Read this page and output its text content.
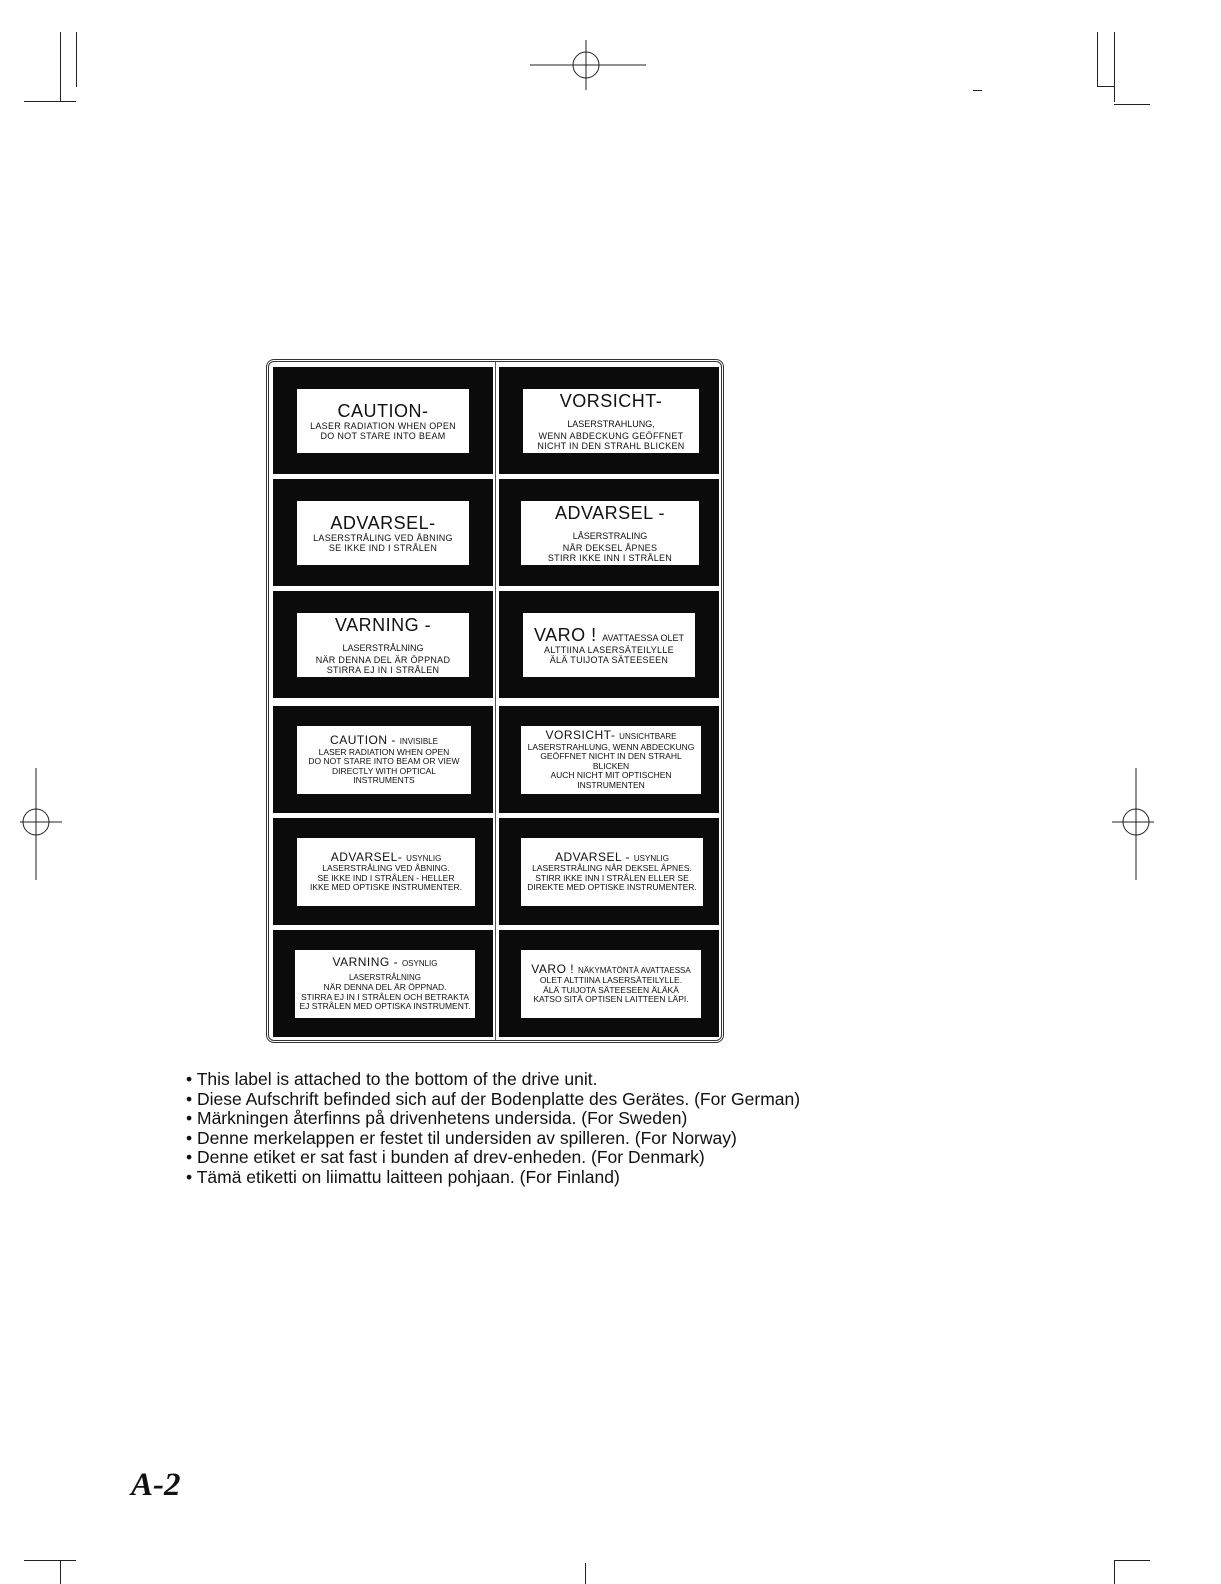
CAUTION-
LASER RADIATION WHEN OPEN
DO NOT STARE INTO BEAM
VORSICHT- LASERSTRAHLUNG,
WENN ABDECKUNG GEÖFFNET
NICHT IN DEN STRAHL BLICKEN
ADVARSEL-
LASERSTRÅLING VED ÅBNING
SE IKKE IND I STRÅLEN
ADVARSEL - LÅSERSTRALING
NÅR DEKSEL ÅPNES
STIRR IKKE INN I STRÅLEN
VARNING - LASERSTRÅLNING
NÄR DENNA DEL ÄR ÖPPNAD
STIRRA EJ IN I STRÅLEN
VARO ! AVATTAESSA OLET
ALTTIINA LASERSÄTEILYLLE
ÄLÄ TUIJOTA SÄTEESEEN
CAUTION - INVISIBLE
LASER RADIATION WHEN OPEN
DO NOT STARE INTO BEAM OR VIEW
DIRECTLY WITH OPTICAL INSTRUMENTS
VORSICHT- UNSICHTBARE
LASERSTRAHLUNG, WENN ABDECKUNG
GEÖFFNET NICHT IN DEN STRAHL BLICKEN
AUCH NICHT MIT OPTISCHEN INSTRUMENTEN
ADVARSEL- USYNLIG
LASERSTRÅLING VED ÅBNING.
SE IKKE IND I STRÅLEN - HELLER
IKKE MED OPTISKE INSTRUMENTER.
ADVARSEL - USYNLIG
LASERSTRÅLING NÅR DEKSEL ÅPNES.
STIRR IKKE INN I STRÅLEN ELLER SE
DIREKTE MED OPTISKE INSTRUMENTER.
VARNING - OSYNLIG LASERSTRÅLNING
NÄR DENNA DEL ÄR ÖPPNAD.
STIRRA EJ IN I STRÅLEN OCH BETRAKTA
EJ STRÅLEN MED OPTISKA INSTRUMENT.
VARO ! NÄKYMÄTÖNTÄ AVATTAESSA
OLET ALTTIINA LASERSÄTEILYLLE.
ÄLÄ TUIJOTA SÄTEESEEN ÄLÄKÄ
KATSO SITÄ OPTISEN LAITTEEN LÄPI.
• This label is attached to the bottom of the drive unit.
• Diese Aufschrift befinded sich auf der Bodenplatte des Gerätes. (For German)
• Märkningen återfinns på drivenhetens undersida. (For Sweden)
• Denne merkelappen er festet til undersiden av spilleren. (For Norway)
• Denne etiket er sat fast i bunden af drev-enheden. (For Denmark)
• Tämä etiketti on liimattu laitteen pohjaan. (For Finland)
A-2
